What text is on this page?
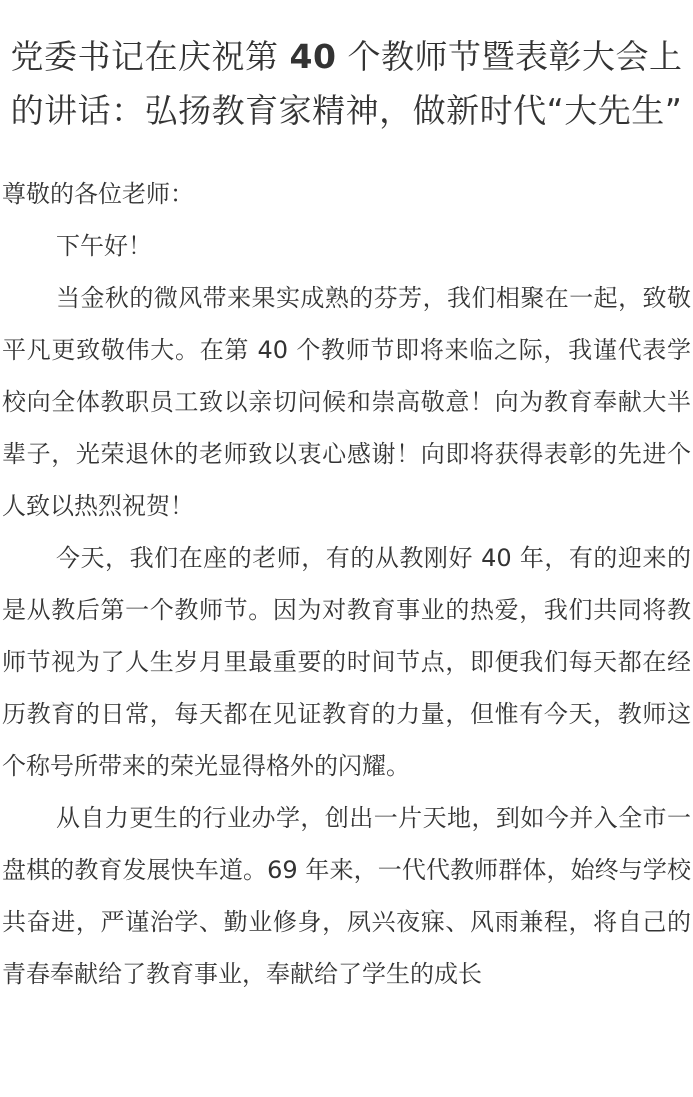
党委书记在庆祝第 40 个教师节暨表彰大会上的讲话：弘扬教育家精神，做新时代“大先生”

尊敬的各位老师：

下午好！

当金秋的微风带来果实成熟的芬芳，我们相聚在一起，致敬平凡更致敬伟大。在第 40 个教师节即将来临之际，我谨代表学校向全体教职员工致以亲切问候和崇高敬意！向为教育奉献大半辈子，光荣退休的老师致以衷心感谢！向即将获得表彰的先进个人致以热烈祝贺！

今天，我们在座的老师，有的从教刚好 40 年，有的迎来的是从教后第一个教师节。因为对教育事业的热爱，我们共同将教师节视为了人生岁月里最重要的时间节点，即便我们每天都在经历教育的日常，每天都在见证教育的力量，但惟有今天，教师这个称号所带来的荣光显得格外的闪耀。

从自力更生的行业办学，创出一片天地，到如今并入全市一盘棋的教育发展快车道。69 年来，一代代教师群体，始终与学校共奋进，严谨治学、勤业修身，夙兴夜寐、风雨兼程，将自己的青春奉献给了教育事业，奉献给了学生的成长
